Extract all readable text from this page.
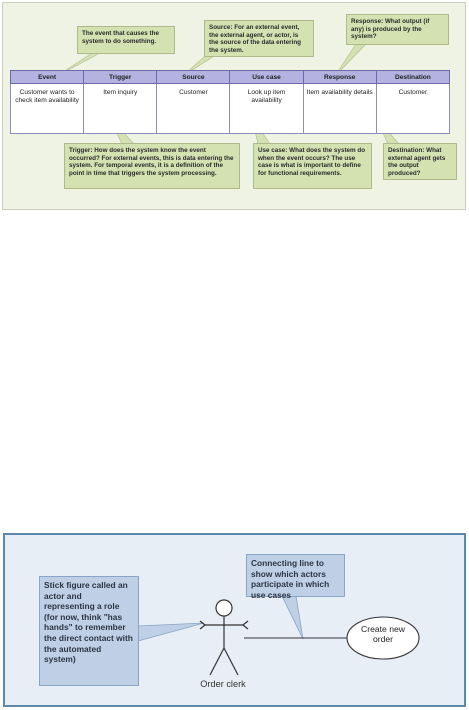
The event that causes the system to do something.
Source: For an external event, the external agent, or actor, is the source of the data entering the system.
Response: What output (if any) is produced by the system?
Event	Trigger	Source	Use case	Response	Destination
Customer wants to check item availability	Item inquiry	Customer	Look up item availability	Item availability details	Customer
Trigger: How does the system know the event occurred? For external events, this is data entering the system. For temporal events, it is a definition of the point in time that triggers the system processing.
Use case: What does the system do when the event occurs? The use case is what is important to define for functional requirements.
Destination: What external agent gets the output produced?
Stick figure called an actor and representing a role (for now, think "has hands" to remember the direct contact with the automated system)
Connecting line to show which actors participate in which use cases
Create new order
Order clerk
